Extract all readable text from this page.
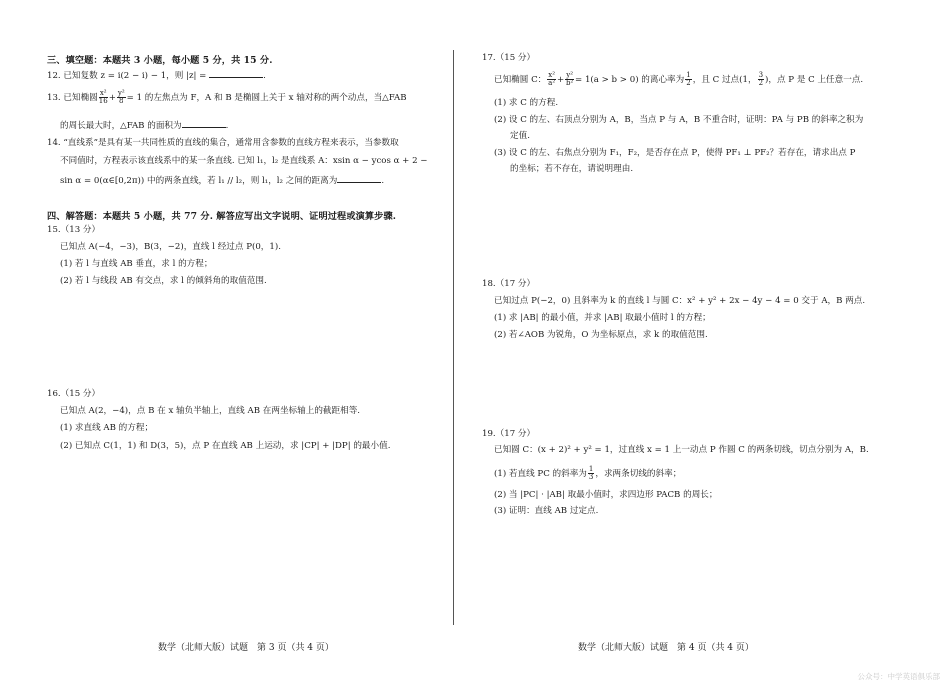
三、填空题：本题共 3 小题，每小题 5 分，共 15 分.
12. 已知复数 z = i(2 − i) − 1，则 |z| =	.
13. 已知椭圆 $\frac{\text{x²}}{16} + \frac{\text{y²}}{8} = 1$ 的左焦点为 F，A 和 B 是椭圆上关于 x 轴对称的两个动点，当△FAB
的周长最大时，△FAB 的面积为	.
14. “直线系”是具有某一共同性质的直线的集合，通常用含参数的直线方程来表示，当参数取
不同值时，方程表示该直线系中的某一条直线. 已知 l₁，l₂ 是直线系 A：xsin α − ycos α + 2 −
sin α = 0(α∈[0,2π)) 中的两条直线，若 l₁ // l₂，则 l₁，l₂ 之间的距离为	.
四、解答题：本题共 5 小题，共 77 分. 解答应写出文字说明、证明过程或演算步骤.
15.（13 分）
已知点 A(−4，−3)，B(3，−2)，直线 l 经过点 P(0，1).
(1) 若 l 与直线 AB 垂直，求 l 的方程；
(2) 若 l 与线段 AB 有交点，求 l 的倾斜角的取值范围.
16.（15 分）
已知点 A(2，−4)，点 B 在 x 轴负半轴上，直线 AB 在两坐标轴上的截距相等.
(1) 求直线 AB 的方程；
(2) 已知点 C(1，1) 和 D(3，5)，点 P 在直线 AB 上运动，求 |CP| + |DP| 的最小值.
数学（北师大版）试题　第 3 页（共 4 页）
17.（15 分）
已知椭圆 C： $\frac{\text{x²}}{\text{a²}} + \frac{\text{y²}}{\text{b²}} = 1(a > b > 0)$ 的离心率为 $\frac{1}{2}$ ，且 C 过点(1， $\frac{3}{2}$ )，点 P 是 C 上任意一点.
(1) 求 C 的方程.
(2) 设 C 的左、右顶点分别为 A，B，当点 P 与 A，B 不重合时，证明：PA 与 PB 的斜率之积为
定值.
(3) 设 C 的左、右焦点分别为 F₁，F₂，是否存在点 P，使得 PF₁ ⊥ PF₂？若存在，请求出点 P
的坐标；若不存在，请说明理由.
18.（17 分）
已知过点 P(−2，0) 且斜率为 k 的直线 l 与圆 C：x² + y² + 2x − 4y − 4 = 0 交于 A，B 两点.
(1) 求 |AB| 的最小值，并求 |AB| 取最小值时 l 的方程；
(2) 若∠AOB 为锐角，O 为坐标原点，求 k 的取值范围.
19.（17 分）
已知圆 C：(x + 2)² + y² = 1，过直线 x = 1 上一动点 P 作圆 C 的两条切线，切点分别为 A，B.
(1) 若直线 PC 的斜率为 $\frac{1}{3}$ ，求两条切线的斜率；
(2) 当 |PC| · |AB| 取最小值时，求四边形 PACB 的周长；
(3) 证明：直线 AB 过定点.
数学（北师大版）试题　第 4 页（共 4 页）
公众号：中学英语俱乐部
